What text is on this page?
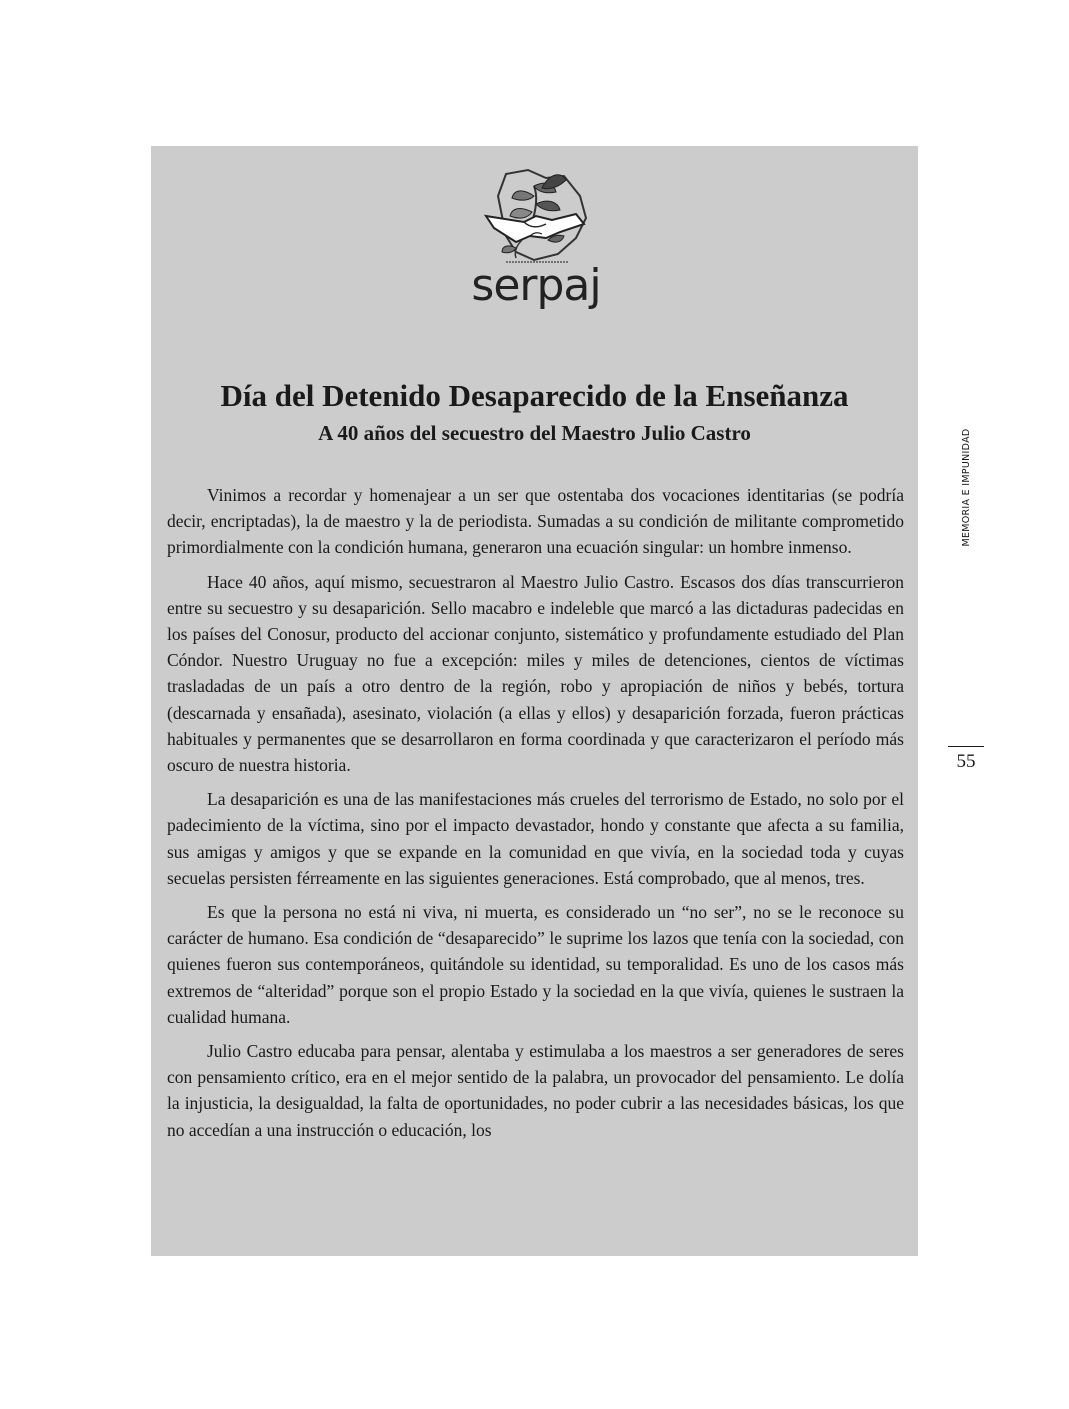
serpaj
Día del Detenido Desaparecido de la Enseñanza
A 40 años del secuestro del Maestro Julio Castro

Vinimos a recordar y homenajear a un ser que ostentaba dos vocaciones identitarias (se podría decir, encriptadas), la de maestro y la de periodista. Sumadas a su condición de militante comprometido primordialmente con la condición humana, generaron una ecuación singular: un hombre inmenso.

Hace 40 años, aquí mismo, secuestraron al Maestro Julio Castro. Escasos dos días transcurrieron entre su secuestro y su desaparición. Sello macabro e indeleble que marcó a las dictaduras padecidas en los países del Conosur, producto del accionar conjunto, sistemático y profundamente estudiado del Plan Cóndor. Nuestro Uruguay no fue a excepción: miles y miles de detenciones, cientos de víctimas trasladadas de un país a otro dentro de la región, robo y apropiación de niños y bebés, tortura (descarnada y ensañada), asesinato, violación (a ellas y ellos) y desaparición forzada, fueron prácticas habituales y permanentes que se desarrollaron en forma coordinada y que caracterizaron el período más oscuro de nuestra historia.

La desaparición es una de las manifestaciones más crueles del terrorismo de Estado, no solo por el padecimiento de la víctima, sino por el impacto devastador, hondo y constante que afecta a su familia, sus amigas y amigos y que se expande en la comunidad en que vivía, en la sociedad toda y cuyas secuelas persisten férreamente en las siguientes generaciones. Está comprobado, que al menos, tres.

Es que la persona no está ni viva, ni muerta, es considerado un “no ser”, no se le reconoce su carácter de humano. Esa condición de “desaparecido” le suprime los lazos que tenía con la sociedad, con quienes fueron sus contemporáneos, quitándole su identidad, su temporalidad. Es uno de los casos más extremos de “alteridad” porque son el propio Estado y la sociedad en la que vivía, quienes le sustraen la cualidad humana.

Julio Castro educaba para pensar, alentaba y estimulaba a los maestros a ser generadores de seres con pensamiento crítico, era en el mejor sentido de la palabra, un provocador del pensamiento. Le dolía la injusticia, la desigualdad, la falta de oportunidades, no poder cubrir a las necesidades básicas, los que no accedían a una instrucción o educación, los

MEMORIA E IMPUNIDAD
55
